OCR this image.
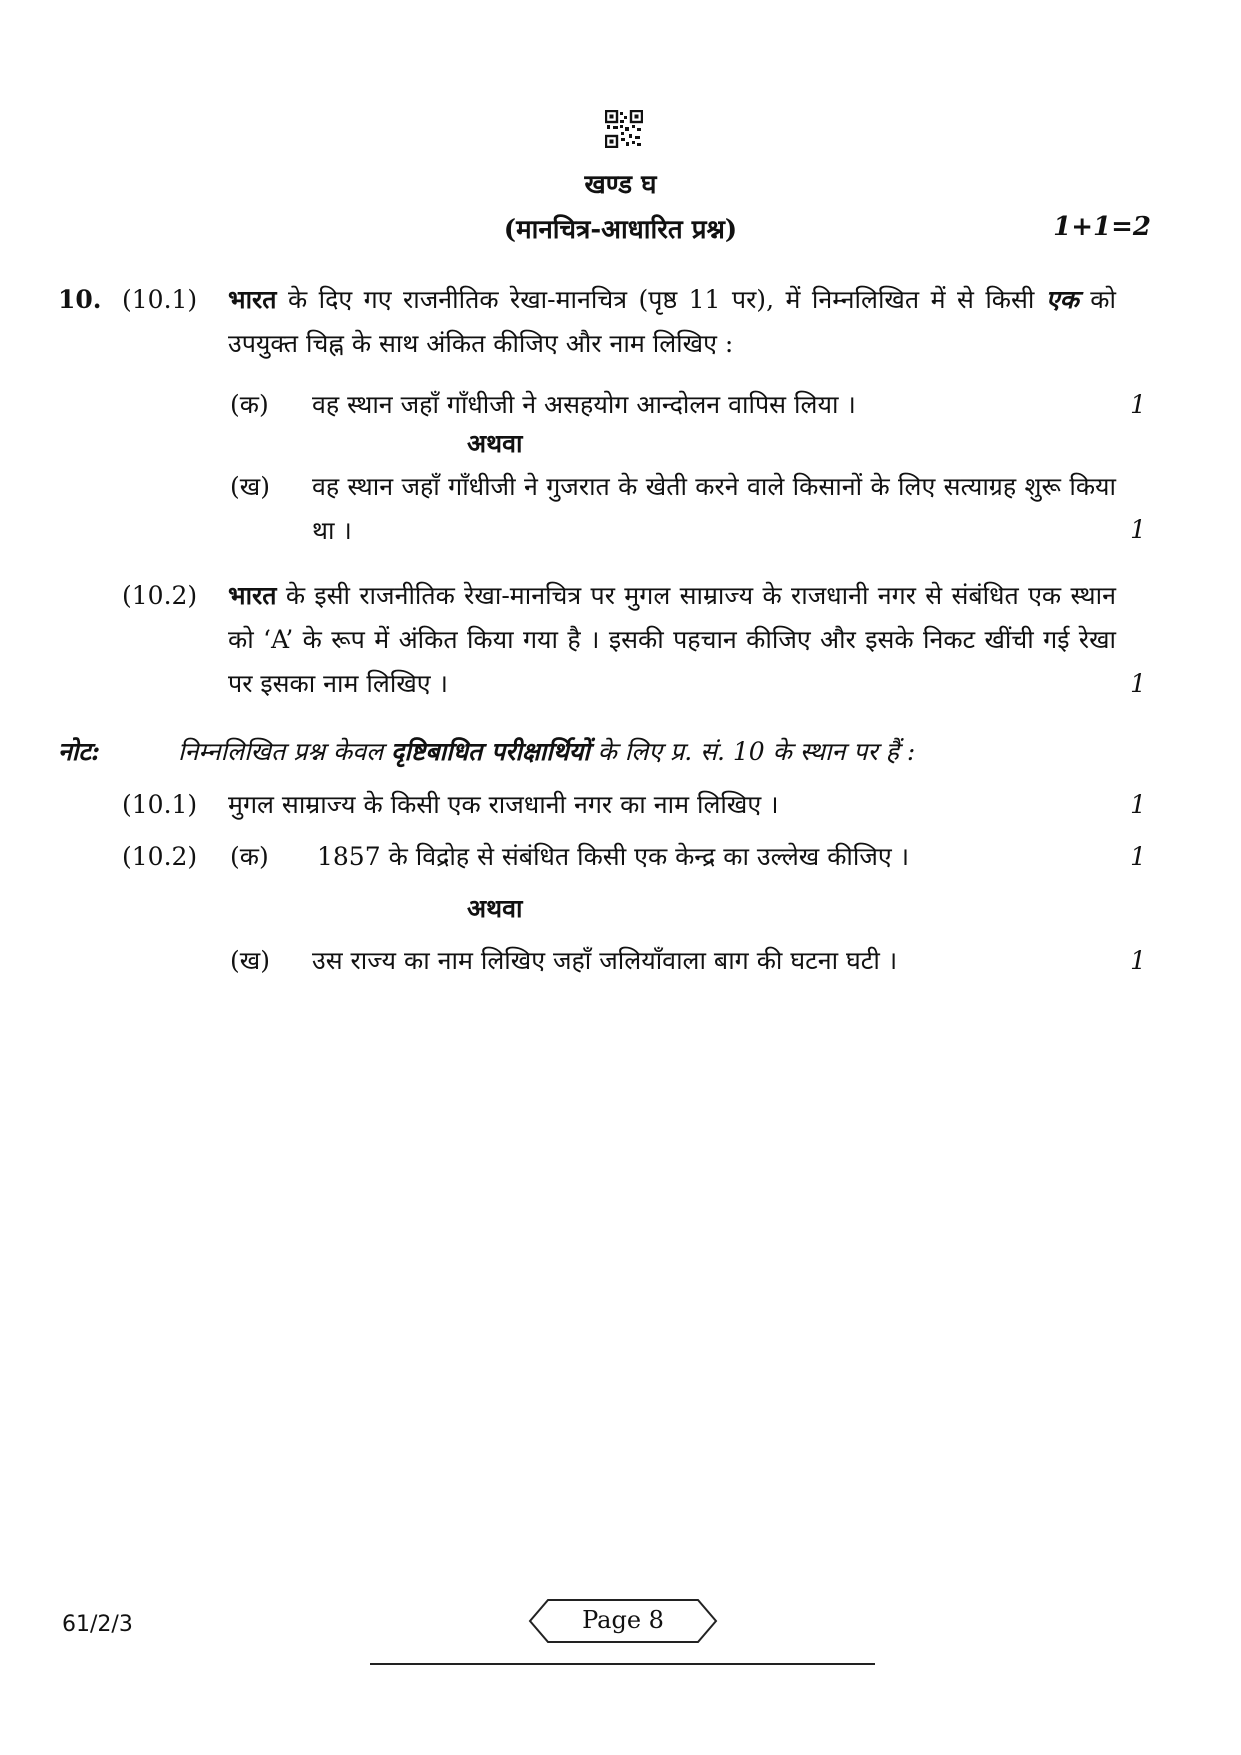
खण्ड घ
(मानचित्र-आधारित प्रश्न)	1+1=2
10. (10.1) भारत के दिए गए राजनीतिक रेखा-मानचित्र (पृष्ठ 11 पर), में निम्नलिखित में से किसी एक को उपयुक्त चिह्न के साथ अंकित कीजिए और नाम लिखिए :
(क) वह स्थान जहाँ गाँधीजी ने असहयोग आन्दोलन वापिस लिया ।	1
अथवा
(ख) वह स्थान जहाँ गाँधीजी ने गुजरात के खेती करने वाले किसानों के लिए सत्याग्रह शुरू किया था ।	1
(10.2) भारत के इसी राजनीतिक रेखा-मानचित्र पर मुगल साम्राज्य के राजधानी नगर से संबंधित एक स्थान को ‘A’ के रूप में अंकित किया गया है । इसकी पहचान कीजिए और इसके निकट खींची गई रेखा पर इसका नाम लिखिए ।	1
नोट:	निम्नलिखित प्रश्न केवल दृष्टिबाधित परीक्षार्थियों के लिए प्र. सं. 10 के स्थान पर हैं :
(10.1) मुगल साम्राज्य के किसी एक राजधानी नगर का नाम लिखिए ।	1
(10.2) (क) 1857 के विद्रोह से संबंधित किसी एक केन्द्र का उल्लेख कीजिए ।	1
अथवा
(ख) उस राज्य का नाम लिखिए जहाँ जलियाँवाला बाग की घटना घटी ।	1
61/2/3	Page 8
